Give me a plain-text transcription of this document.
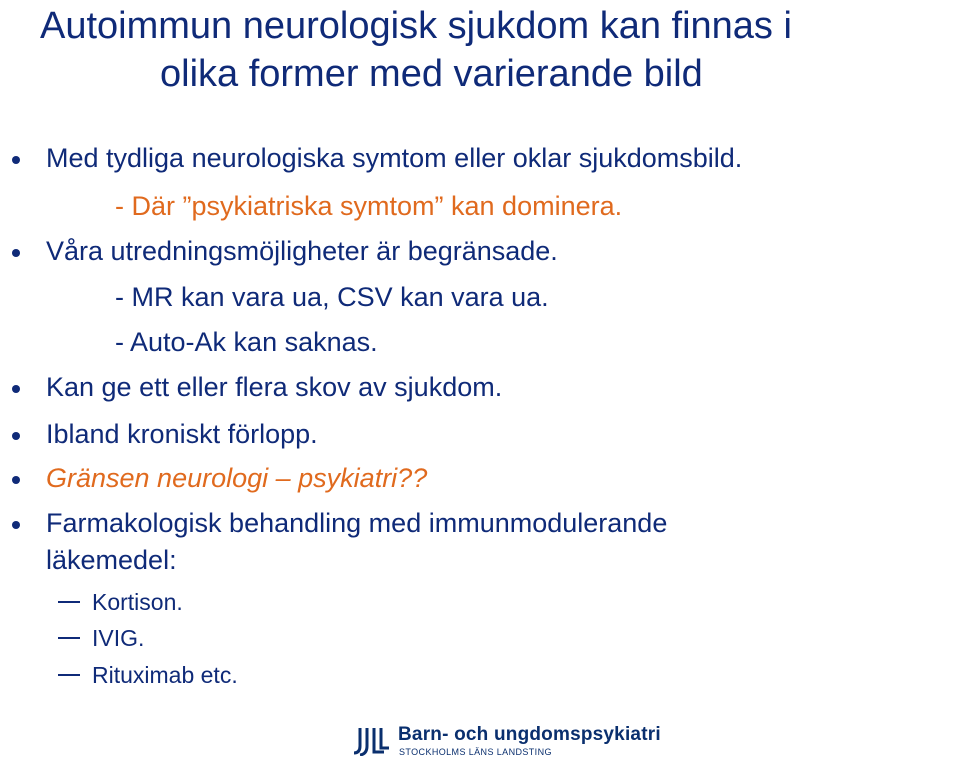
Autoimmun neurologisk sjukdom kan finnas i
olika former med varierande bild
Med tydliga neurologiska symtom eller oklar sjukdomsbild.
- Där ”psykiatriska symtom” kan dominera.
Våra utredningsmöjligheter är begränsade.
- MR kan vara ua, CSV kan vara ua.
- Auto-Ak kan saknas.
Kan ge ett eller flera skov av sjukdom.
Ibland kroniskt förlopp.
Gränsen neurologi – psykiatri??
Farmakologisk behandling med immunmodulerande
läkemedel:
Kortison.
IVIG.
Rituximab etc.
Barn- och ungdomspsykiatri
STOCKHOLMS LÄNS LANDSTING
